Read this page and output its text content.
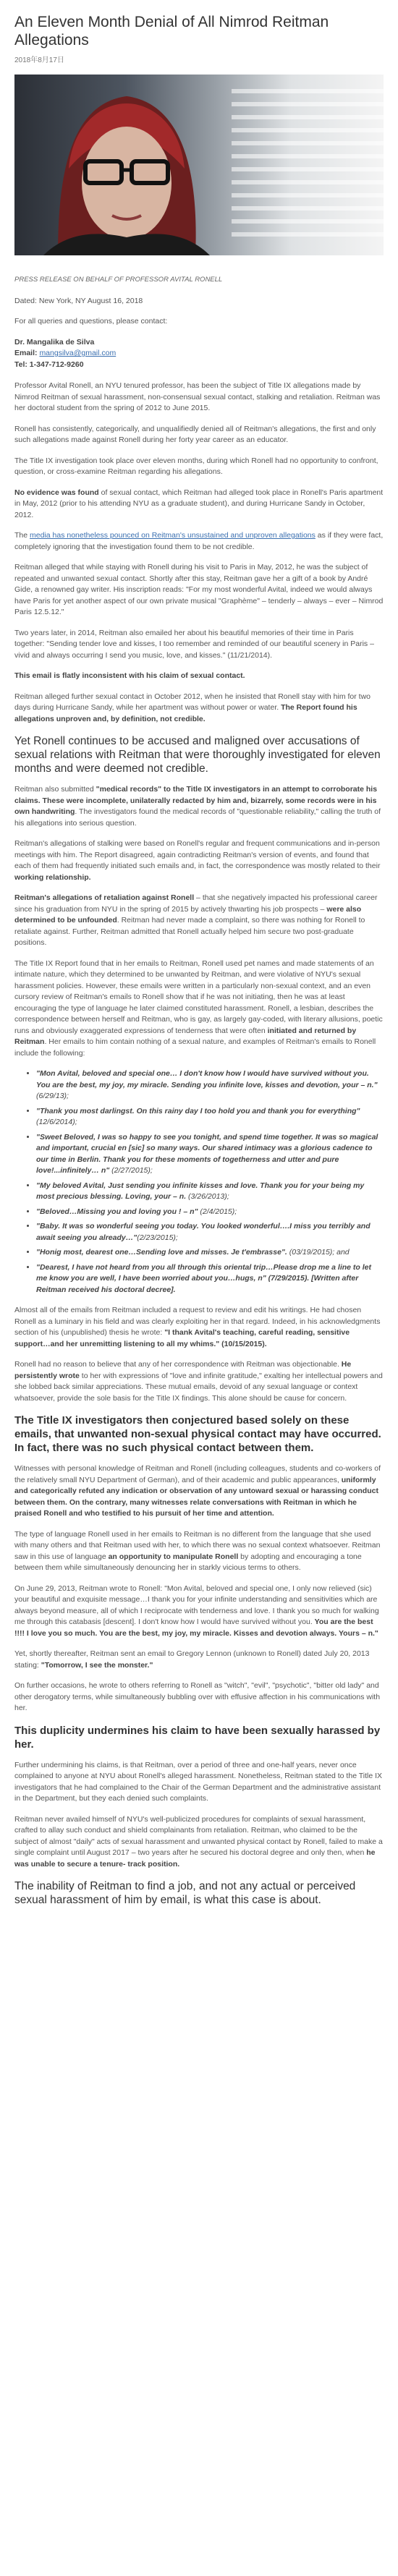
An Eleven Month Denial of All Nimrod Reitman Allegations
2018年8月17日

PRESS RELEASE ON BEHALF OF PROFESSOR AVITAL RONELL

Dated: New York, NY August 16, 2018

For all queries and questions, please contact:

Dr. Mangalika de Silva

Email: mangsilva@gmail.com

Tel: 1-347-712-9260

Professor Avital Ronell, an NYU tenured professor, has been the subject of Title IX allegations made by Nimrod Reitman of sexual harassment, non-consensual sexual contact, stalking and retaliation. Reitman was her doctoral student from the spring of 2012 to June 2015.

Ronell has consistently, categorically, and unqualifiedly denied all of Reitman's allegations, the first and only such allegations made against Ronell during her forty year career as an educator.

The Title IX investigation took place over eleven months, during which Ronell had no opportunity to confront, question, or cross-examine Reitman regarding his allegations.

No evidence was found of sexual contact, which Reitman had alleged took place in Ronell's Paris apartment in May, 2012 (prior to his attending NYU as a graduate student), and during Hurricane Sandy in October, 2012.

The media has nonetheless pounced on Reitman's unsustained and unproven allegations as if they were fact, completely ignoring that the investigation found them to be not credible.

Reitman alleged that while staying with Ronell during his visit to Paris in May, 2012, he was the subject of repeated and unwanted sexual contact. Shortly after this stay, Reitman gave her a gift of a book by André Gide, a renowned gay writer. His inscription reads: "For my most wonderful Avital, indeed we would always have Paris for yet another aspect of our own private musical "Graphème" – tenderly – always – ever – Nimrod Paris 12.5.12."

Two years later, in 2014, Reitman also emailed her about his beautiful memories of their time in Paris together: "Sending tender love and kisses, I too remember and reminded of our beautiful scenery in Paris – vivid and always occurring I send you music, love, and kisses." (11/21/2014).

This email is flatly inconsistent with his claim of sexual contact.

Reitman alleged further sexual contact in October 2012, when he insisted that Ronell stay with him for two days during Hurricane Sandy, while her apartment was without power or water. The Report found his allegations unproven and, by definition, not credible.

Yet Ronell continues to be accused and maligned over accusations of sexual relations with Reitman that were thoroughly investigated for eleven months and were deemed not credible.

Reitman also submitted "medical records" to the Title IX investigators in an attempt to corroborate his claims. These were incomplete, unilaterally redacted by him and, bizarrely, some records were in his own handwriting. The investigators found the medical records of "questionable reliability," calling the truth of his allegations into serious question.

Reitman's allegations of stalking were based on Ronell's regular and frequent communications and in-person meetings with him. The Report disagreed, again contradicting Reitman's version of events, and found that each of them had frequently initiated such emails and, in fact, the correspondence was mostly related to their working relationship.

Reitman's allegations of retaliation against Ronell – that she negatively impacted his professional career since his graduation from NYU in the spring of 2015 by actively thwarting his job prospects – were also determined to be unfounded. Reitman had never made a complaint, so there was nothing for Ronell to retaliate against. Further, Reitman admitted that Ronell actually helped him secure two post-graduate positions.

The Title IX Report found that in her emails to Reitman, Ronell used pet names and made statements of an intimate nature, which they determined to be unwanted by Reitman, and were violative of NYU's sexual harassment policies. However, these emails were written in a particularly non-sexual context, and an even cursory review of Reitman's emails to Ronell show that if he was not initiating, then he was at least encouraging the type of language he later claimed constituted harassment. Ronell, a lesbian, describes the correspondence between herself and Reitman, who is gay, as largely gay-coded, with literary allusions, poetic runs and obviously exaggerated expressions of tenderness that were often initiated and returned by Reitman. Her emails to him contain nothing of a sexual nature, and examples of Reitman's emails to Ronell include the following:

• "Mon Avital, beloved and special one… I don't know how I would have survived without you. You are the best, my joy, my miracle. Sending you infinite love, kisses and devotion, your – n." (6/29/13);
• "Thank you most darlingst. On this rainy day I too hold you and thank you for everything" (12/6/2014);
• "Sweet Beloved, I was so happy to see you tonight, and spend time together. It was so magical and important, crucial en [sic] so many ways. Our shared intimacy was a glorious cadence to our time in Berlin. Thank you for these moments of togetherness and utter and pure love!...infinitely… n" (2/27/2015);
• "My beloved Avital, Just sending you infinite kisses and love. Thank you for your being my most precious blessing. Loving, your – n. (3/26/2013);
• "Beloved…Missing you and loving you ! – n" (2/4/2015);
• "Baby. It was so wonderful seeing you today. You looked wonderful….I miss you terribly and await seeing you already…"(2/23/2015);
• "Honig most, dearest one…Sending love and misses. Je t'embrasse". (03/19/2015); and
• "Dearest, I have not heard from you all through this oriental trip…Please drop me a line to let me know you are well, I have been worried about you…hugs, n" (7/29/2015). [Written after Reitman received his doctoral decree].

Almost all of the emails from Reitman included a request to review and edit his writings. He had chosen Ronell as a luminary in his field and was clearly exploiting her in that regard. Indeed, in his acknowledgments section of his (unpublished) thesis he wrote: "I thank Avital's teaching, careful reading, sensitive support…and her unremitting listening to all my whims." (10/15/2015).

Ronell had no reason to believe that any of her correspondence with Reitman was objectionable. He persistently wrote to her with expressions of "love and infinite gratitude," exalting her intellectual powers and she lobbed back similar appreciations. These mutual emails, devoid of any sexual language or context whatsoever, provide the sole basis for the Title IX findings. This alone should be cause for concern.

The Title IX investigators then conjectured based solely on these emails, that unwanted non-sexual physical contact may have occurred. In fact, there was no such physical contact between them.

Witnesses with personal knowledge of Reitman and Ronell (including colleagues, students and co-workers of the relatively small NYU Department of German), and of their academic and public appearances, uniformly and categorically refuted any indication or observation of any untoward sexual or harassing conduct between them. On the contrary, many witnesses relate conversations with Reitman in which he praised Ronell and who testified to his pursuit of her time and attention.

The type of language Ronell used in her emails to Reitman is no different from the language that she used with many others and that Reitman used with her, to which there was no sexual context whatsoever. Reitman saw in this use of language an opportunity to manipulate Ronell by adopting and encouraging a tone between them while simultaneously denouncing her in starkly vicious terms to others.

On June 29, 2013, Reitman wrote to Ronell: "Mon Avital, beloved and special one, I only now relieved (sic) your beautiful and exquisite message…I thank you for your infinite understanding and sensitivities which are always beyond measure, all of which I reciprocate with tenderness and love. I thank you so much for walking me through this catabasis [descent]. I don't know how I would have survived without you. You are the best !!!! I love you so much. You are the best, my joy, my miracle. Kisses and devotion always. Yours – n."

Yet, shortly thereafter, Reitman sent an email to Gregory Lennon (unknown to Ronell) dated July 20, 2013 stating: "Tomorrow, I see the monster."

On further occasions, he wrote to others referring to Ronell as "witch", "evil", "psychotic", "bitter old lady" and other derogatory terms, while simultaneously bubbling over with effusive affection in his communications with her.

This duplicity undermines his claim to have been sexually harassed by her.

Further undermining his claims, is that Reitman, over a period of three and one-half years, never once complained to anyone at NYU about Ronell's alleged harassment. Nonetheless, Reitman stated to the Title IX investigators that he had complained to the Chair of the German Department and the administrative assistant in the Department, but they each denied such complaints.

Reitman never availed himself of NYU's well-publicized procedures for complaints of sexual harassment, crafted to allay such conduct and shield complainants from retaliation. Reitman, who claimed to be the subject of almost "daily" acts of sexual harassment and unwanted physical contact by Ronell, failed to make a single complaint until August 2017 – two years after he secured his doctoral degree and only then, when he was unable to secure a tenure- track position.

The inability of Reitman to find a job, and not any actual or perceived sexual harassment of him by email, is what this case is about.
